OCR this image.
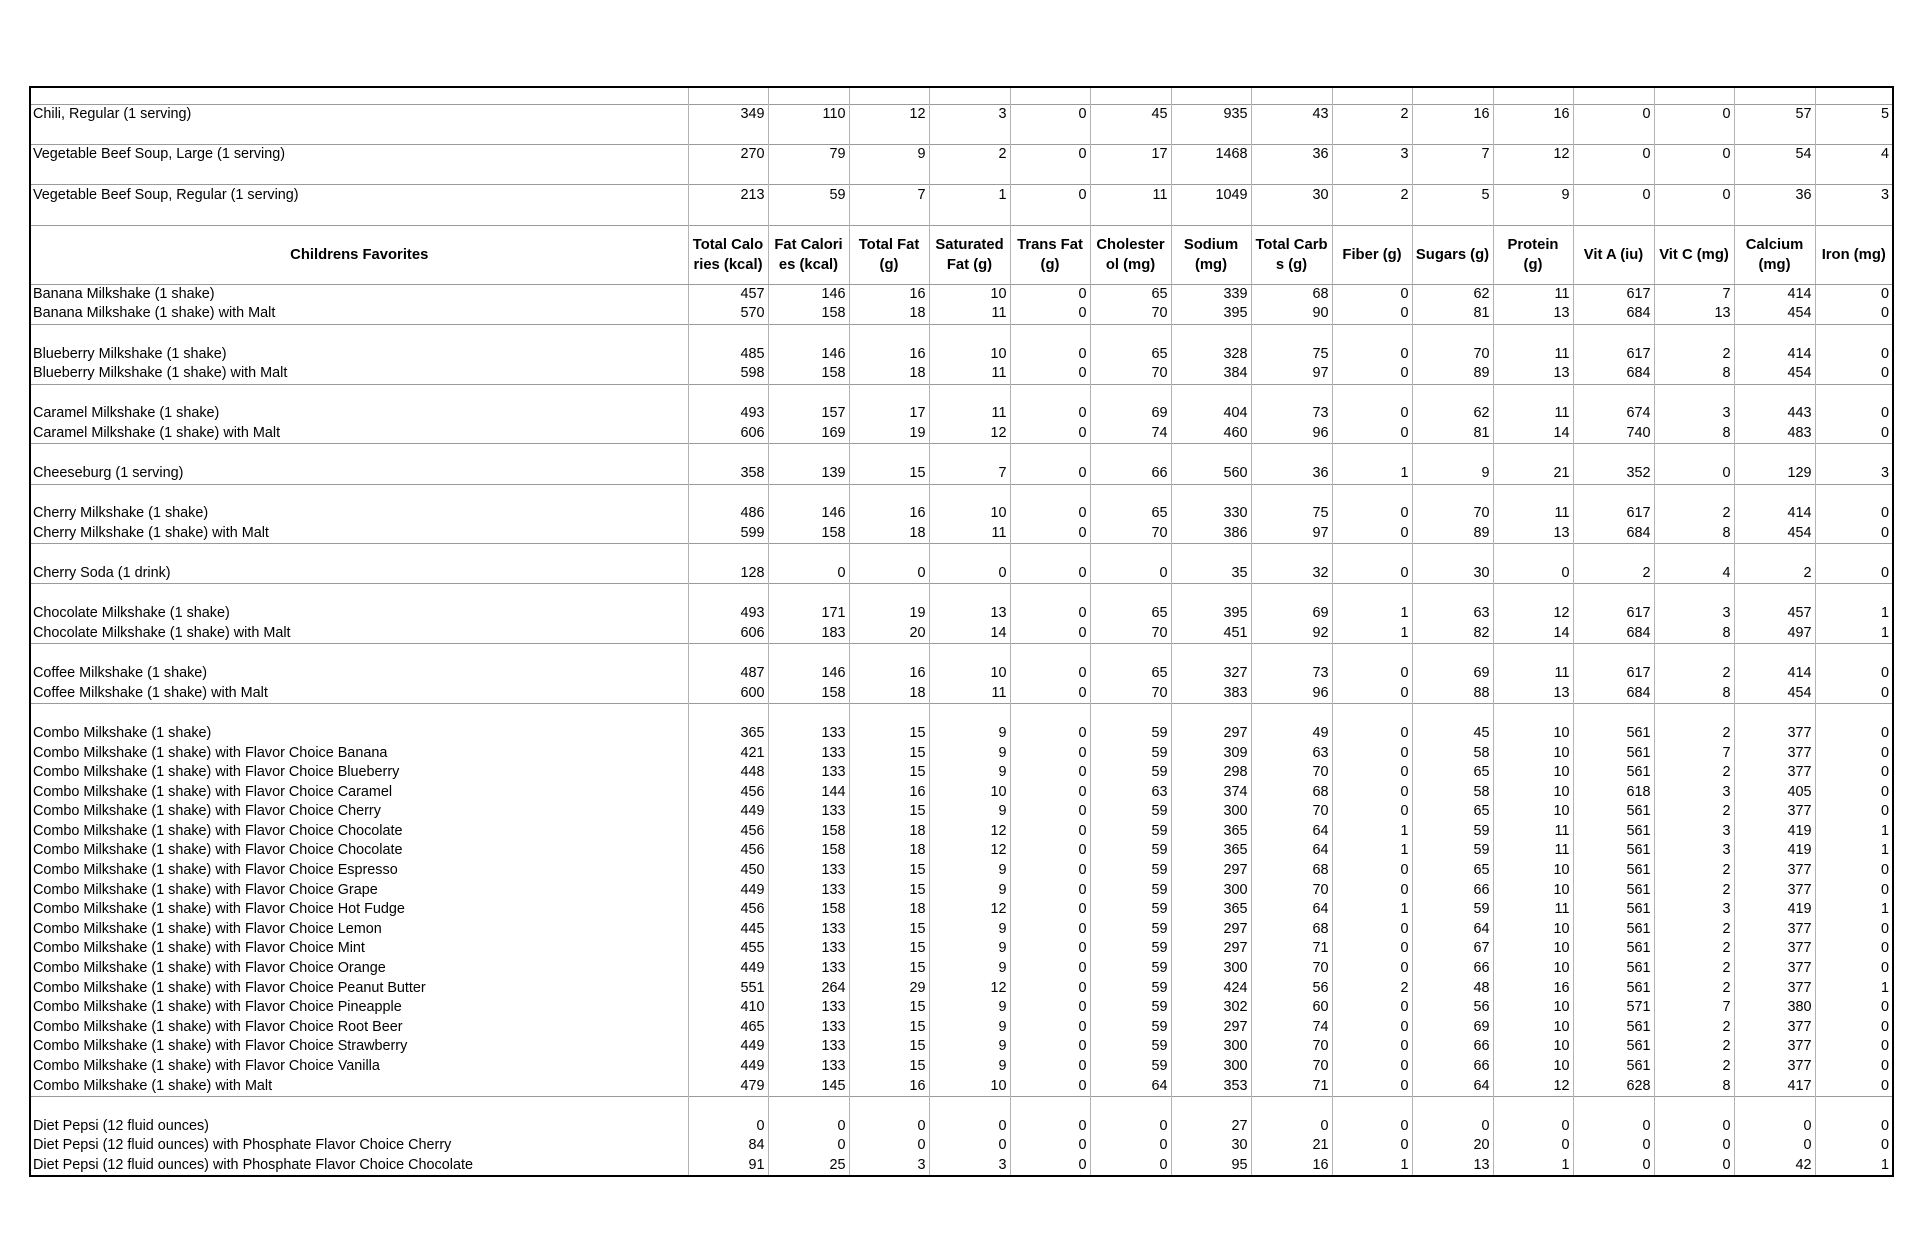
Chili, Regular (1 serving)	349	110	12	3	0	45	935	43	2	16	16	0	0	57	5

Vegetable Beef Soup, Large (1 serving)	270	79	9	2	0	17	1468	36	3	7	12	0	0	54	4

Vegetable Beef Soup, Regular (1 serving)	213	59	7	1	0	11	1049	30	2	5	9	0	0	36	3

Childrens Favorites	Total Calories (kcal)	Fat Calories (kcal)	Total Fat (g)	Saturated Fat (g)	Trans Fat (g)	Cholesterol (mg)	Sodium (mg)	Total Carbs (g)	Fiber (g)	Sugars (g)	Protein (g)	Vit A (iu)	Vit C (mg)	Calcium (mg)	Iron (mg)
Banana Milkshake (1 shake)	457	146	16	10	0	65	339	68	0	62	11	617	7	414	0
Banana Milkshake (1 shake) with Malt	570	158	18	11	0	70	395	90	0	81	13	684	13	454	0

Blueberry Milkshake (1 shake)	485	146	16	10	0	65	328	75	0	70	11	617	2	414	0
Blueberry Milkshake (1 shake) with Malt	598	158	18	11	0	70	384	97	0	89	13	684	8	454	0

Caramel Milkshake (1 shake)	493	157	17	11	0	69	404	73	0	62	11	674	3	443	0
Caramel Milkshake (1 shake) with Malt	606	169	19	12	0	74	460	96	0	81	14	740	8	483	0

Cheeseburg (1 serving)	358	139	15	7	0	66	560	36	1	9	21	352	0	129	3

Cherry Milkshake (1 shake)	486	146	16	10	0	65	330	75	0	70	11	617	2	414	0
Cherry Milkshake (1 shake) with Malt	599	158	18	11	0	70	386	97	0	89	13	684	8	454	0

Cherry Soda (1 drink)	128	0	0	0	0	0	35	32	0	30	0	2	4	2	0

Chocolate Milkshake (1 shake)	493	171	19	13	0	65	395	69	1	63	12	617	3	457	1
Chocolate Milkshake (1 shake) with Malt	606	183	20	14	0	70	451	92	1	82	14	684	8	497	1

Coffee Milkshake (1 shake)	487	146	16	10	0	65	327	73	0	69	11	617	2	414	0
Coffee Milkshake (1 shake) with Malt	600	158	18	11	0	70	383	96	0	88	13	684	8	454	0

Combo Milkshake (1 shake)	365	133	15	9	0	59	297	49	0	45	10	561	2	377	0
Combo Milkshake (1 shake) with Flavor Choice Banana	421	133	15	9	0	59	309	63	0	58	10	561	7	377	0
Combo Milkshake (1 shake) with Flavor Choice Blueberry	448	133	15	9	0	59	298	70	0	65	10	561	2	377	0
Combo Milkshake (1 shake) with Flavor Choice Caramel	456	144	16	10	0	63	374	68	0	58	10	618	3	405	0
Combo Milkshake (1 shake) with Flavor Choice Cherry	449	133	15	9	0	59	300	70	0	65	10	561	2	377	0
Combo Milkshake (1 shake) with Flavor Choice Chocolate	456	158	18	12	0	59	365	64	1	59	11	561	3	419	1
Combo Milkshake (1 shake) with Flavor Choice Chocolate	456	158	18	12	0	59	365	64	1	59	11	561	3	419	1
Combo Milkshake (1 shake) with Flavor Choice Espresso	450	133	15	9	0	59	297	68	0	65	10	561	2	377	0
Combo Milkshake (1 shake) with Flavor Choice Grape	449	133	15	9	0	59	300	70	0	66	10	561	2	377	0
Combo Milkshake (1 shake) with Flavor Choice Hot Fudge	456	158	18	12	0	59	365	64	1	59	11	561	3	419	1
Combo Milkshake (1 shake) with Flavor Choice Lemon	445	133	15	9	0	59	297	68	0	64	10	561	2	377	0
Combo Milkshake (1 shake) with Flavor Choice Mint	455	133	15	9	0	59	297	71	0	67	10	561	2	377	0
Combo Milkshake (1 shake) with Flavor Choice Orange	449	133	15	9	0	59	300	70	0	66	10	561	2	377	0
Combo Milkshake (1 shake) with Flavor Choice Peanut Butter	551	264	29	12	0	59	424	56	2	48	16	561	2	377	1
Combo Milkshake (1 shake) with Flavor Choice Pineapple	410	133	15	9	0	59	302	60	0	56	10	571	7	380	0
Combo Milkshake (1 shake) with Flavor Choice Root Beer	465	133	15	9	0	59	297	74	0	69	10	561	2	377	0
Combo Milkshake (1 shake) with Flavor Choice Strawberry	449	133	15	9	0	59	300	70	0	66	10	561	2	377	0
Combo Milkshake (1 shake) with Flavor Choice Vanilla	449	133	15	9	0	59	300	70	0	66	10	561	2	377	0
Combo Milkshake (1 shake) with Malt	479	145	16	10	0	64	353	71	0	64	12	628	8	417	0

Diet Pepsi (12 fluid ounces)	0	0	0	0	0	0	27	0	0	0	0	0	0	0	0
Diet Pepsi (12 fluid ounces) with Phosphate Flavor Choice Cherry	84	0	0	0	0	0	30	21	0	20	0	0	0	0	0
Diet Pepsi (12 fluid ounces) with Phosphate Flavor Choice Chocolate	91	25	3	3	0	0	95	16	1	13	1	0	0	42	1
